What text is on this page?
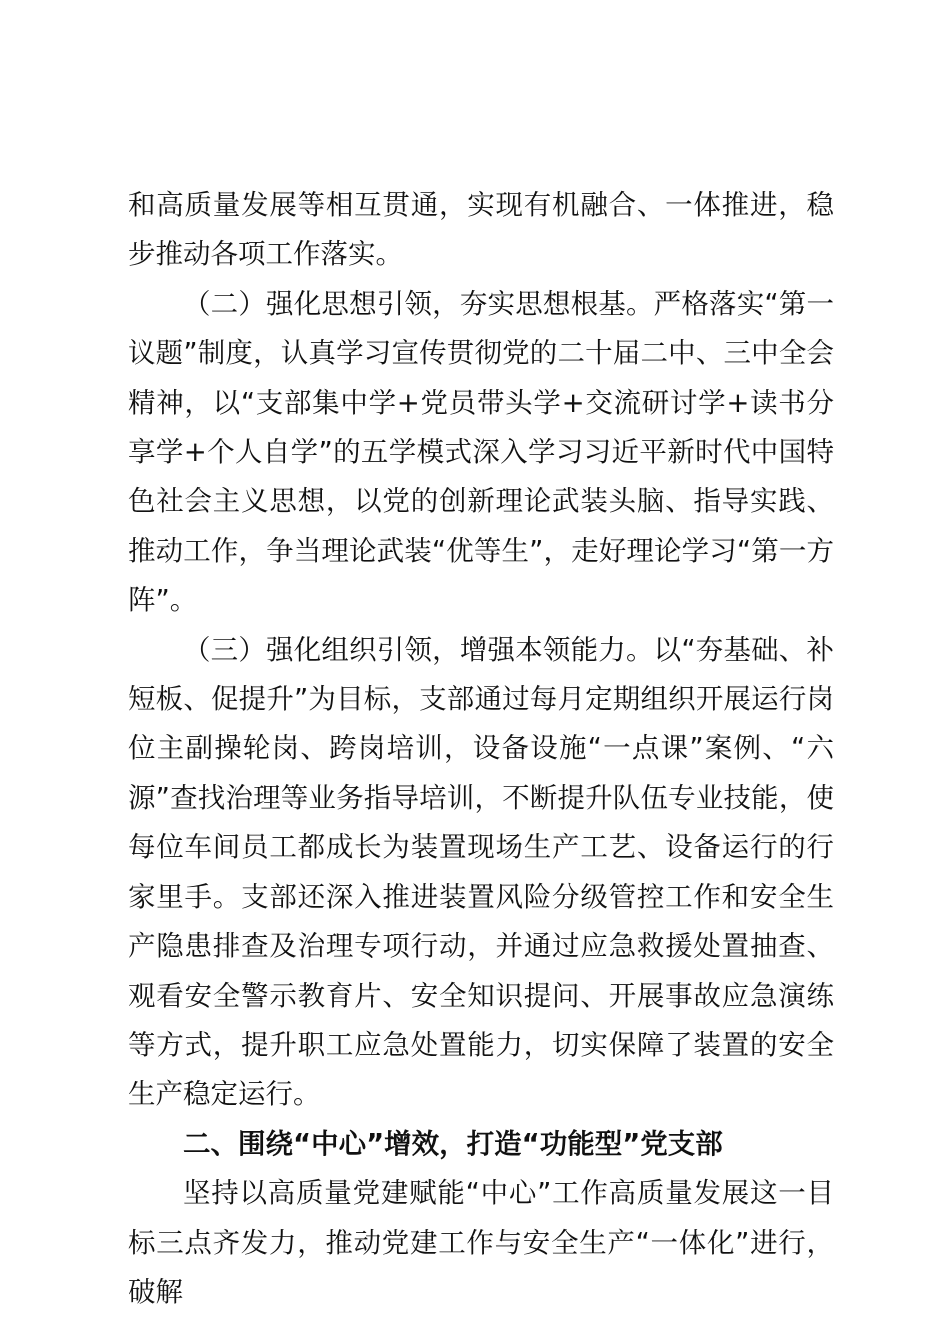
和高质量发展等相互贯通，实现有机融合、一体推进，稳步推动各项工作落实。

（二）强化思想引领，夯实思想根基。严格落实“第一议题”制度，认真学习宣传贯彻党的二十届二中、三中全会精神，以“支部集中学+党员带头学+交流研讨学+读书分享学+个人自学”的五学模式深入学习习近平新时代中国特色社会主义思想，以党的创新理论武装头脑、指导实践、推动工作，争当理论武装“优等生”，走好理论学习“第一方阵”。

（三）强化组织引领，增强本领能力。以“夯基础、补短板、促提升”为目标，支部通过每月定期组织开展运行岗位主副操轮岗、跨岗培训，设备设施“一点课”案例、“六源”查找治理等业务指导培训，不断提升队伍专业技能，使每位车间员工都成长为装置现场生产工艺、设备运行的行家里手。支部还深入推进装置风险分级管控工作和安全生产隐患排查及治理专项行动，并通过应急救援处置抽查、观看安全警示教育片、安全知识提问、开展事故应急演练等方式，提升职工应急处置能力，切实保障了装置的安全生产稳定运行。

二、围绕“中心”增效，打造“功能型”党支部

坚持以高质量党建赋能“中心”工作高质量发展这一目标三点齐发力，推动党建工作与安全生产“一体化”进行，破解
